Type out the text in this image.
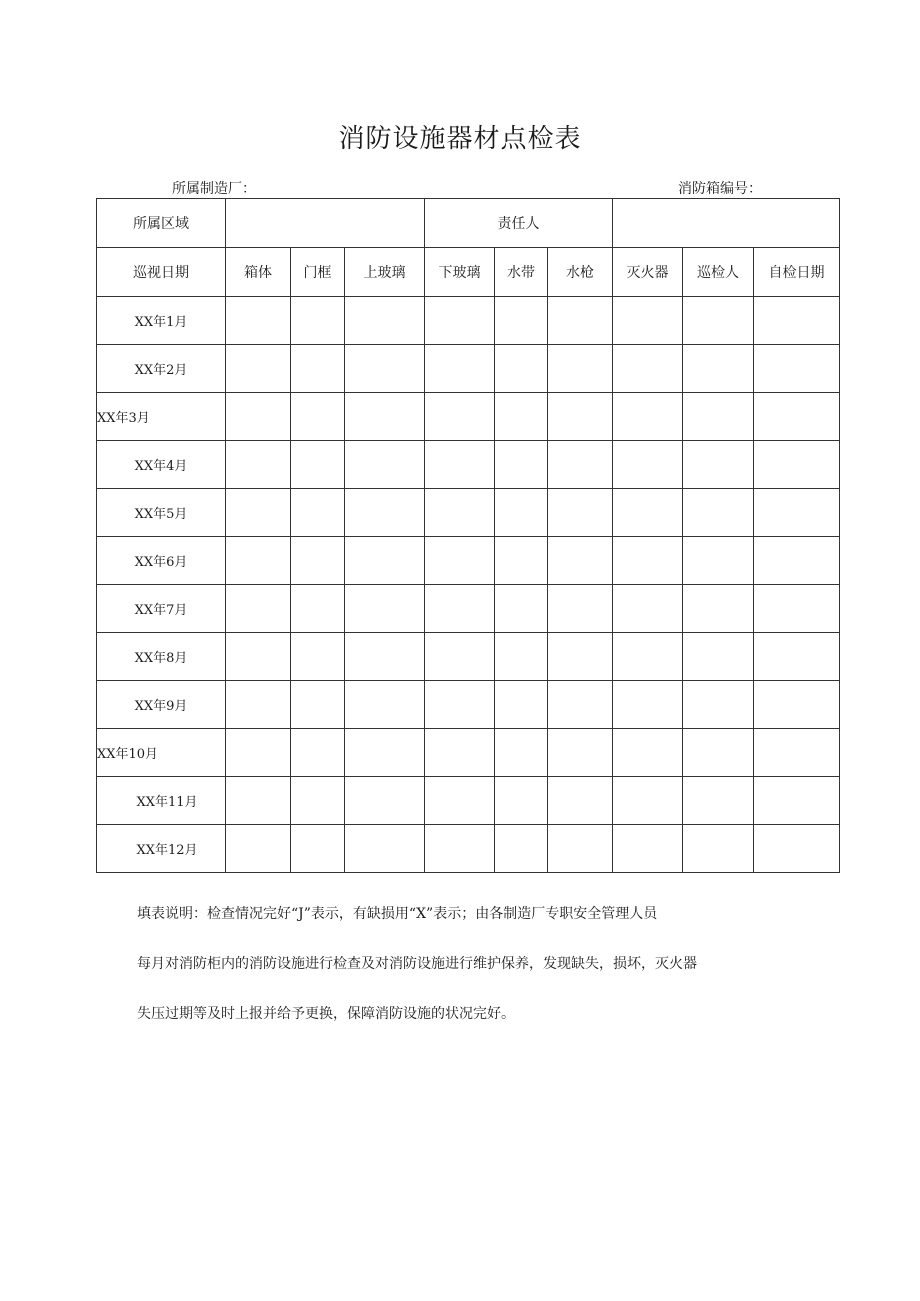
消防设施器材点检表
所属制造厂：	消防箱编号：
所属区域				责任人					
巡视日期	箱体	门框	上玻璃	下玻璃	水带	水枪	灭火器	巡检人	自检日期
XX年1月									
XX年2月									
XX年3月									
XX年4月									
XX年5月									
XX年6月									
XX年7月									
XX年8月									
XX年9月									
XX年10月									
XX年11月									
XX年12月									
填表说明：检查情况完好“J”表示，有缺损用“X”表示；由各制造厂专职安全管理人员
每月对消防柜内的消防设施进行检查及对消防设施进行维护保养，发现缺失，损坏，灭火器
失压过期等及时上报并给予更换，保障消防设施的状况完好。
